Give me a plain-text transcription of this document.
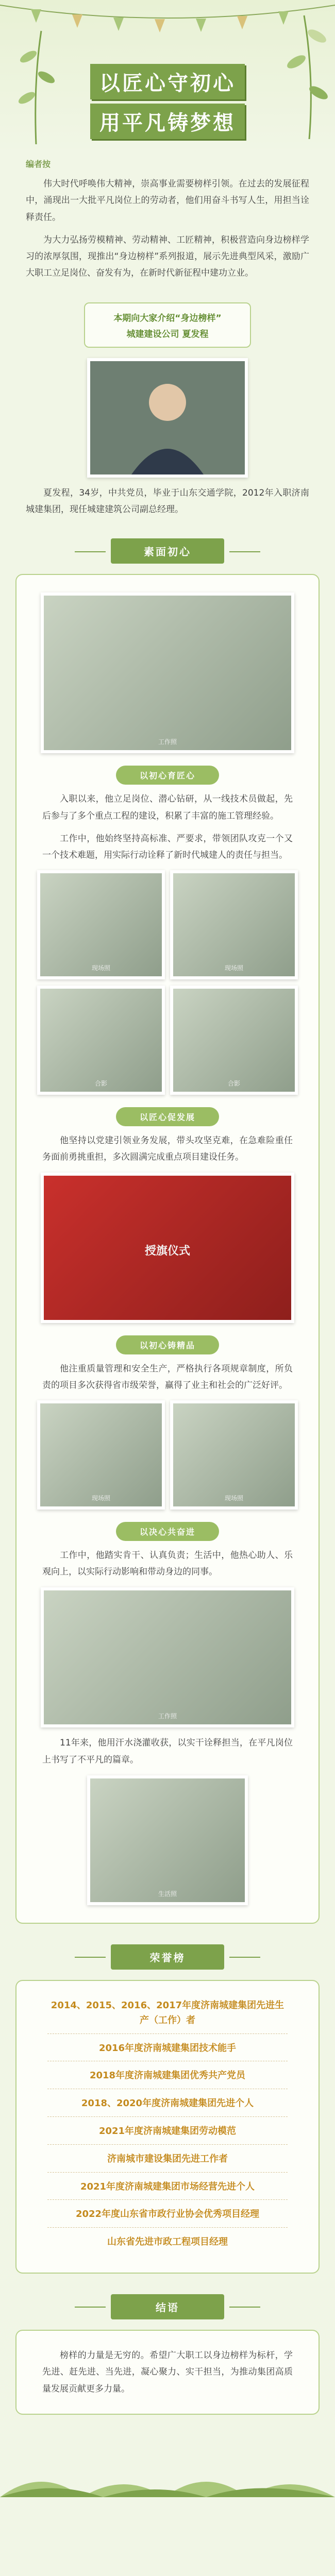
以匠心守初心
用平凡铸梦想
编者按

伟大时代呼唤伟大精神，崇高事业需要榜样引领。在过去的发展征程中，涌现出一大批平凡岗位上的劳动者，他们用奋斗书写人生，用担当诠释责任。

为大力弘扬劳模精神、劳动精神、工匠精神，积极营造向身边榜样学习的浓厚氛围，现推出“身边榜样”系列报道，展示先进典型风采，激励广大职工立足岗位、奋发有为，在新时代新征程中建功立业。

本期向大家介绍“身边榜样”
城建建设公司 夏发程

夏发程，34岁，中共党员，毕业于山东交通学院，2012年入职济南城建集团，现任城建建筑公司副总经理。

素面初心
工作照
以初心育匠心

入职以来，他立足岗位、潜心钻研，从一线技术员做起，先后参与了多个重点工程的建设，积累了丰富的施工管理经验。

工作中，他始终坚持高标准、严要求，带领团队攻克一个又一个技术难题，用实际行动诠释了新时代城建人的责任与担当。

现场照	现场照
合影	合影
以匠心促发展

他坚持以党建引领业务发展，带头攻坚克难，在急难险重任务面前勇挑重担，多次圆满完成重点项目建设任务。

授旗仪式
以初心铸精品

他注重质量管理和安全生产，严格执行各项规章制度，所负责的项目多次获得省市级荣誉，赢得了业主和社会的广泛好评。

现场照	现场照
以决心共奋进

工作中，他踏实肯干、认真负责；生活中，他热心助人、乐观向上，以实际行动影响和带动身边的同事。

工作照

11年来，他用汗水浇灌收获，以实干诠释担当，在平凡岗位上书写了不平凡的篇章。

生活照
荣誉榜
2014、2015、2016、2017年度济南城建集团先进生产（工作）者
2016年度济南城建集团技术能手
2018年度济南城建集团优秀共产党员
2018、2020年度济南城建集团先进个人
2021年度济南城建集团劳动模范
济南城市建设集团先进工作者
2021年度济南城建集团市场经营先进个人
2022年度山东省市政行业协会优秀项目经理
山东省先进市政工程项目经理
结语

榜样的力量是无穷的。希望广大职工以身边榜样为标杆，学先进、赶先进、当先进，凝心聚力、实干担当，为推动集团高质量发展贡献更多力量。
